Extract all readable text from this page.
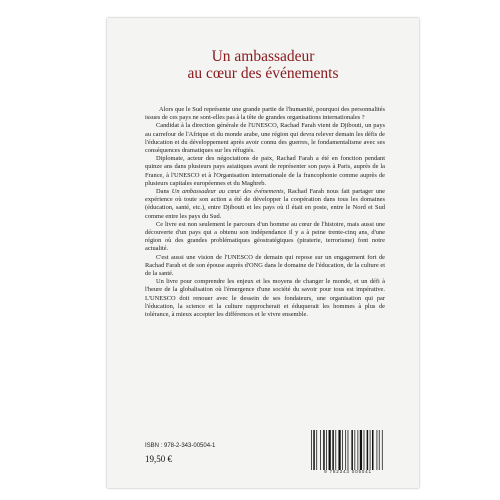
Un ambassadeur
au cœur des événements

Alors que le Sud représente une grande partie de l'humanité, pourquoi des personnalités issues de ces pays ne sont-elles pas à la tête de grandes organisations internationales ?

Candidat à la direction générale de l'UNESCO, Rachad Farah vient de Djibouti, un pays au carrefour de l'Afrique et du monde arabe, une région qui devra relever demain les défis de l'éducation et du développement après avoir connu des guerres, le fondamentalisme avec ses conséquences dramatiques sur les réfugiés.

Diplomate, acteur des négociations de paix, Rachad Farah a été en fonction pendant quinze ans dans plusieurs pays asiatiques avant de représenter son pays à Paris, auprès de la France, à l'UNESCO et à l'Organisation internationale de la francophonie comme auprès de plusieurs capitales européennes et du Maghreb.

Dans Un ambassadeur au cœur des événements, Rachad Farah nous fait partager une expérience où toute son action a été de développer la coopération dans tous les domaines (éducation, santé, etc.), entre Djibouti et les pays où il était en poste, entre le Nord et Sud comme entre les pays du Sud.

Ce livre est non seulement le parcours d'un homme au cœur de l'histoire, mais aussi une découverte d'un pays qui a obtenu son indépendance il y a à peine trente-cinq ans, d'une région où des grandes problématiques géostratégiques (piraterie, terrorisme) font notre actualité.

C'est aussi une vision de l'UNESCO de demain qui repose sur un engagement fort de Rachad Farah et de son épouse auprès d'ONG dans le domaine de l'éducation, de la culture et de la santé.

Un livre pour comprendre les enjeux et les moyens de changer le monde, et un défi à l'heure de la globalisation où l'émergence d'une société du savoir pour tous est impérative. L'UNESCO doit renouer avec le dessein de ses fondateurs, une organisation qui par l'éducation, la science et la culture rapprocherait et éduquerait les hommes à plus de tolérance, à mieux accepter les différences et le vivre ensemble.

ISBN : 978-2-343-00504-1
19,50 €
9 782343 005041
